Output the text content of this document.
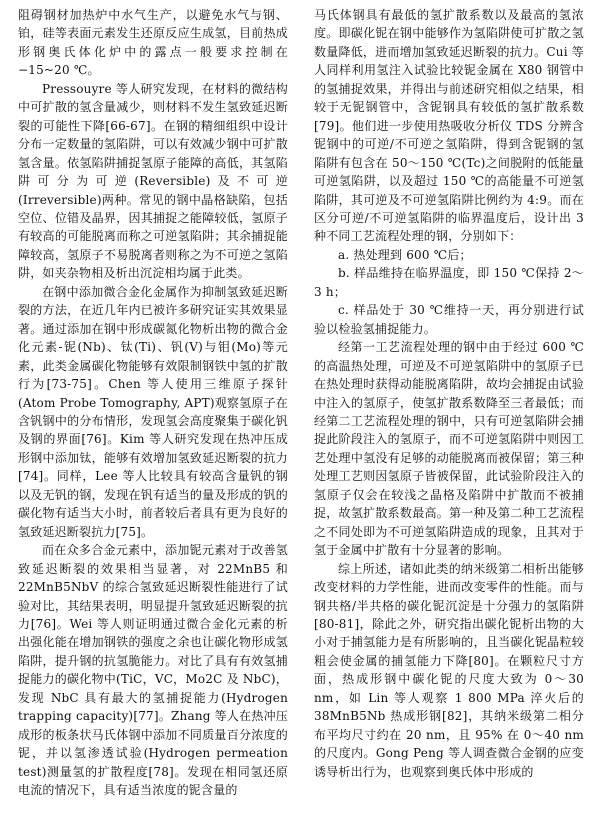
阻碍钢材加热炉中水气生产，以避免水气与钢、铂，硅等表面元素发生还原反应生成氢，目前热成形钢奥氏体化炉中的露点一般要求控制在−15~20 ℃。

Pressouyre 等人研究发现，在材料的微结构中可扩散的氢含量减少，则材料不发生氢致延迟断裂的可能性下降[66-67]。在钢的精细组织中设计分布一定数量的氢陷阱，可以有效减少钢中可扩散氢含量。依氢陷阱捕捉氢原子能障的高低，其氢陷阱可分为可逆(Reversible)及不可逆(Irreversible)两种。常见的钢中晶格缺陷，包括空位、位错及晶界，因其捕捉之能障较低，氢原子有较高的可能脱离而称之可逆氢陷阱；其余捕捉能障较高，氢原子不易脱离者则称之为不可逆之氢陷阱，如夹杂物相及析出沉淀相均属于此类。

在钢中添加微合金化金属作为抑制氢致延迟断裂的方法，在近几年内已被许多研究证实其效果显著。通过添加在钢中形成碳氮化物析出物的微合金化元素-铌(Nb)、钛(Ti)、钒(V)与钼(Mo)等元素，此类金属碳化物能够有效限制钢铁中氢的扩散行为[73-75]。Chen 等人使用三维原子探针(Atom Probe Tomography, APT)观察氢原子在含钒钢中的分布情形，发现氢会高度聚集于碳化钒及钢的界面[76]。Kim 等人研究发现在热冲压成形钢中添加钛，能够有效增加氢致延迟断裂的抗力[74]。同样，Lee 等人比较具有较高含量钒的钢以及无钒的钢，发现在钒有适当的量及形成的钒的碳化物有适当大小时，前者较后者具有更为良好的氢致延迟断裂抗力[75]。

而在众多合金元素中，添加铌元素对于改善氢致延迟断裂的效果相当显著，对 22MnB5 和 22MnB5NbV 的综合氢致延迟断裂性能进行了试验对比，其结果表明，明显提升氢致延迟断裂的抗力[76]。Wei 等人则证明通过微合金化元素的析出强化能在增加钢铁的强度之余也让碳化物形成氢陷阱，提升钢的抗氢脆能力。对比了具有有效氢捕捉能力的碳化物中(TiC，VC，Mo2C 及 NbC)，发现 NbC 具有最大的氢捕捉能力(Hydrogen trapping capacity)[77]。Zhang 等人在热冲压成形的板条状马氏体钢中添加不同质量百分浓度的铌，并以氢渗透试验(Hydrogen permeation test)测量氢的扩散程度[78]。发现在相同氢还原电流的情况下，具有适当浓度的铌含量的

马氏体钢具有最低的氢扩散系数以及最高的氢浓度。即碳化铌在钢中能够作为氢陷阱使可扩散之氢数量降低，进而增加氢致延迟断裂的抗力。Cui 等人同样利用氢注入试验比较铌金属在 X80 钢管中的氢捕捉效果，并得出与前述研究相似之结果，相较于无铌钢管中，含铌钢具有较低的氢扩散系数[79]。他们进一步使用热吸收分析仪 TDS 分辨含铌钢中的可逆/不可逆之氢陷阱，得到含铌钢的氢陷阱有包含在 50～150 ℃(Tc)之间脱附的低能量可逆氢陷阱，以及超过 150 ℃的高能量不可逆氢陷阱，其可逆及不可逆氢陷阱比例约为 4:9。而在区分可逆/不可逆氢陷阱的临界温度后，设计出 3 种不同工艺流程处理的钢，分别如下：

a. 热处理到 600 ℃后；

b. 样品维持在临界温度，即 150 ℃保持 2～3 h；

c. 样品处于 30 ℃维持一天，再分别进行试验以检验氢捕捉能力。

经第一工艺流程处理的钢中由于经过 600 ℃的高温热处理，可逆及不可逆氢陷阱中的氢原子已在热处理时获得动能脱离陷阱，故均会捕捉由试验中注入的氢原子，使氢扩散系数降至三者最低；而经第二工艺流程处理的钢中，只有可逆氢陷阱会捕捉此阶段注入的氢原子，而不可逆氢陷阱中则因工艺处理中氢没有足够的动能脱离而被保留；第三种处理工艺则因氢原子皆被保留，此试验阶段注入的氢原子仅会在较浅之晶格及陷阱中扩散而不被捕捉，故氢扩散系数最高。第一种及第二种工艺流程之不同处即为不可逆氢陷阱造成的现象，且其对于氢于金属中扩散有十分显著的影响。

综上所述，诸如此类的纳米级第二相析出能够改变材料的力学性能，进而改变零件的性能。而与钢共格/半共格的碳化铌沉淀是十分强力的氢陷阱[80-81]，除此之外，研究指出碳化铌析出物的大小对于捕氢能力是有所影响的，且当碳化铌晶粒较粗会使金属的捕氢能力下降[80]。在颗粒尺寸方面，热成形钢中碳化铌的尺度大致为 0～30 nm，如 Lin 等人观察 1 800 MPa 淬火后的 38MnB5Nb 热成形钢[82]，其纳米级第二相分布平均尺寸约在 20 nm，且 95% 在 0～40 nm 的尺度内。Gong Peng 等人调查微合金钢的应变诱导析出行为，也观察到奥氏体中形成的
